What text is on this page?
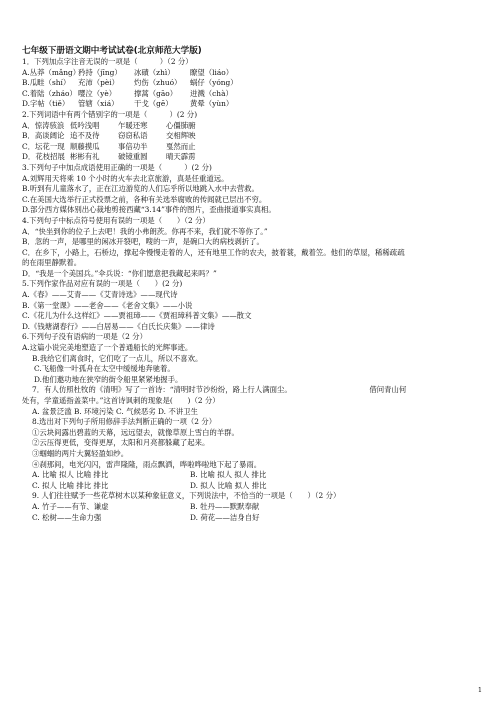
七年级下册语文期中考试试卷(北京师范大学版)
1．下列加点字注音无误的一项是（　　　）（2 分）
A.丛莽（mǎng）矜持（jīng） 冰磧（zhì） 瞭望（liáo）
B.瓜畦（shí） 充沛（pèi） 灼伤（zhuó） 蜗仔（yóng）
C.着陆（zháo）嘤泣（yè） 撑蒿（gāo） 迸溅（chà）
D.字帖（tiě） 管辖（xiá） 干戈（gē） 黄晕（yùn）
2.下列词语中有两个错别字的一项是（　　　）(2 分)
A．惊涛骇浪 低吟浅唱 乍暖还寒 心僵肺腑
B．高谈阔论 追不及待 窃窃私语 交相辉映
C．坛花一现 顺藤摸瓜 事倍功半 戛然而止
D．花枝招展 彬彬有礼 破镜重圆 晴天霹雳
3.下列句子中加点成语使用正确的一项是（　　　）(2 分)
A.刘辉用天将乘 10 个小时的火车去北京旅游，真是任重道远。
B.听到有儿童落水了，正在江边游览的人们忘乎所以地跳入水中去营救。
C.在美国大选举行正式投票之前，各种有关选举腐败的传闻就已层出不穷。
D.部分西方媒体别出心裁地剪接西藏“3.14”事件的图片，歪曲报道事实真相。
4.下列句子中标点符号使用有误的一项是（　　）（2 分）
A．“快坐到你的位子上去吧！我的小弗朗茨。你再不来，我们就不等你了。”
B．忽的一声，是哪里的闲冰开裂吧，嗖的一声，是碗口大的病枝剥折了。
C．在乡下，小路上，石桥边，撑起伞慢慢走着的人，还有地里工作的农夫，披着蓑，戴着笠。他们的草屋，稀稀疏疏
的在雨里静默着。
D．“我是一个美国兵。”伞兵说：“你们愿意把我藏起来吗？”
5.下列作家作品对应有误的一项是（　　）(2 分)
A.《春》——艾青——《艾青诗选》——现代诗
B.《第一堂课》——老舍——《老舍文集》——小说
C.《花儿为什么这样红》——贾祖璋——《贾祖璋科普文集》——散文
D.《钱塘湖春行》——白居易——《白氏长庆集》——律诗
6.下列句子没有语病的一项是（2 分）
A.这篇小说完美地塑造了一个普通船长的光辉事迹。
B.我给它们离食时，它们吃了一点儿，所以不喜欢。
C.飞船像一叶孤舟在太空中缓缓地奔驰着。
D.他们邀功地在狭窄的街令船里紧紧地握手。
7．有人仿照杜牧的《清明》写了一首诗：“清明时节沙纷纷，路上行人满面尘。　　　　　　　　　　　借问青山何
处有，学童遥指盖菜中。”这首诗讽刺的现象是(　　)（2 分）
A. 盆景泛滥 B. 环境污染 C. 气候恶劣 D. 不讲卫生
8.选出对下列句子所用修辞手法判断正确的一项（2 分）
①云块间露出碧蓝的天幕，远远望去，就像草原上雪白的羊群。
②云压得更低，变得更厚，太阳和月亮都躲藏了起来。
③蝈蝈的两片大翼轻盈如纱。
④刹那间，电光闪闪，雷声隆隆，雨点飘洒，哗啦哗啦地下起了暴雨。
A. 比喻 拟人 比喻 排比	B. 比喻 拟人 拟人 排比
C. 拟人 比喻 排比 排比	D. 拟人 比喻 拟人 排比
9. 人们往往赋予一些花草树木以某种象征意义，下列说法中，不恰当的一项是（　　）（2 分）
A. 竹子——有节、谦虚	B. 牡丹——默默奉献
C. 松树——生命力强	D. 荷花——洁身自好
1
